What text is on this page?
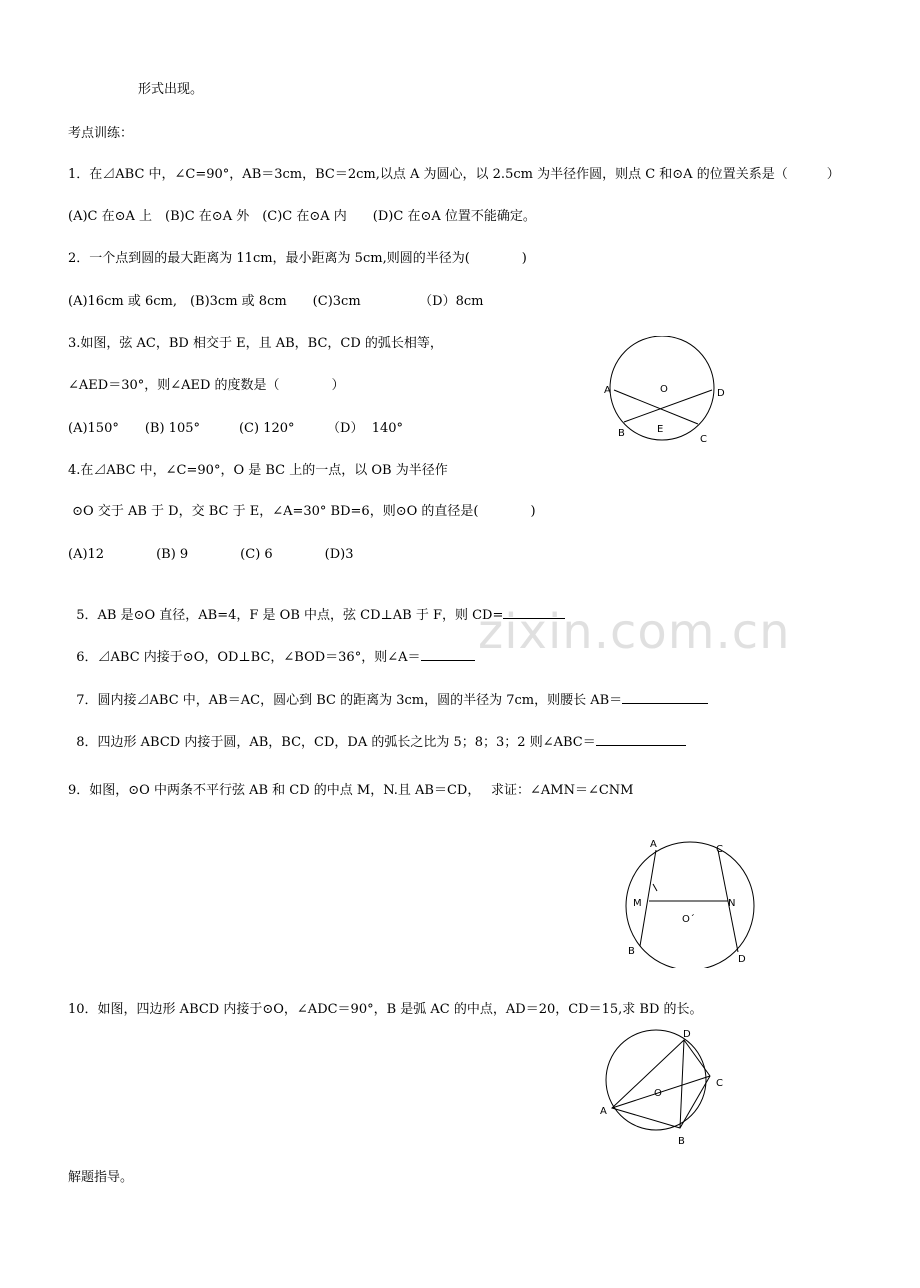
形式出现。
考点训练：
1．在⊿ABC 中，∠C=90°，AB＝3cm，BC＝2cm,以点 A 为圆心，以 2.5cm 为半径作圆，则点 C 和⊙A 的位置关系是（　　　）
(A)C 在⊙A 上　(B)C 在⊙A 外　(C)C 在⊙A 内　　(D)C 在⊙A 位置不能确定。
2．一个点到圆的最大距离为 11cm，最小距离为 5cm,则圆的半径为(　　　　)
(A)16cm 或 6cm,　(B)3cm 或 8cm　　(C)3cm　　　　　（D）8cm
3.如图，弦 AC，BD 相交于 E，且 AB，BC，CD 的弧长相等，
∠AED＝30°，则∠AED 的度数是（　　　　）
(A)150°　　(B) 105°　　　(C) 120°　　　（D）  140°
4.在⊿ABC 中，∠C=90°，O 是 BC 上的一点，以 OB 为半径作
⊙O 交于 AB 于 D，交 BC 于 E，∠A=30° BD=6，则⊙O 的直径是(　　　　)
(A)12　　　　(B) 9　　　　(C) 6　　　　(D)3

5．AB 是⊙O 直径，AB=4，F 是 OB 中点，弦 CD⊥AB 于 F，则 CD=

6．⊿ABC 内接于⊙O，OD⊥BC，∠BOD＝36°，则∠A＝

7．圆内接⊿ABC 中，AB＝AC，圆心到 BC 的距离为 3cm，圆的半径为 7cm，则腰长 AB＝

8．四边形 ABCD 内接于圆，AB，BC，CD，DA 的弧长之比为 5；8；3；2 则∠ABC＝

9．如图，⊙O 中两条不平行弦 AB 和 CD 的中点 M，N.且 AB＝CD，　 求证：∠AMN＝∠CNM
10．如图，四边形 ABCD 内接于⊙O，∠ADC＝90°，B 是弧 AC 的中点，AD＝20，CD＝15,求 BD 的长。
解题指导。
zixin.com.cn
A	D
O
E
B
C
A	C
M	N
O´
B
D
D
C
O
A
B
